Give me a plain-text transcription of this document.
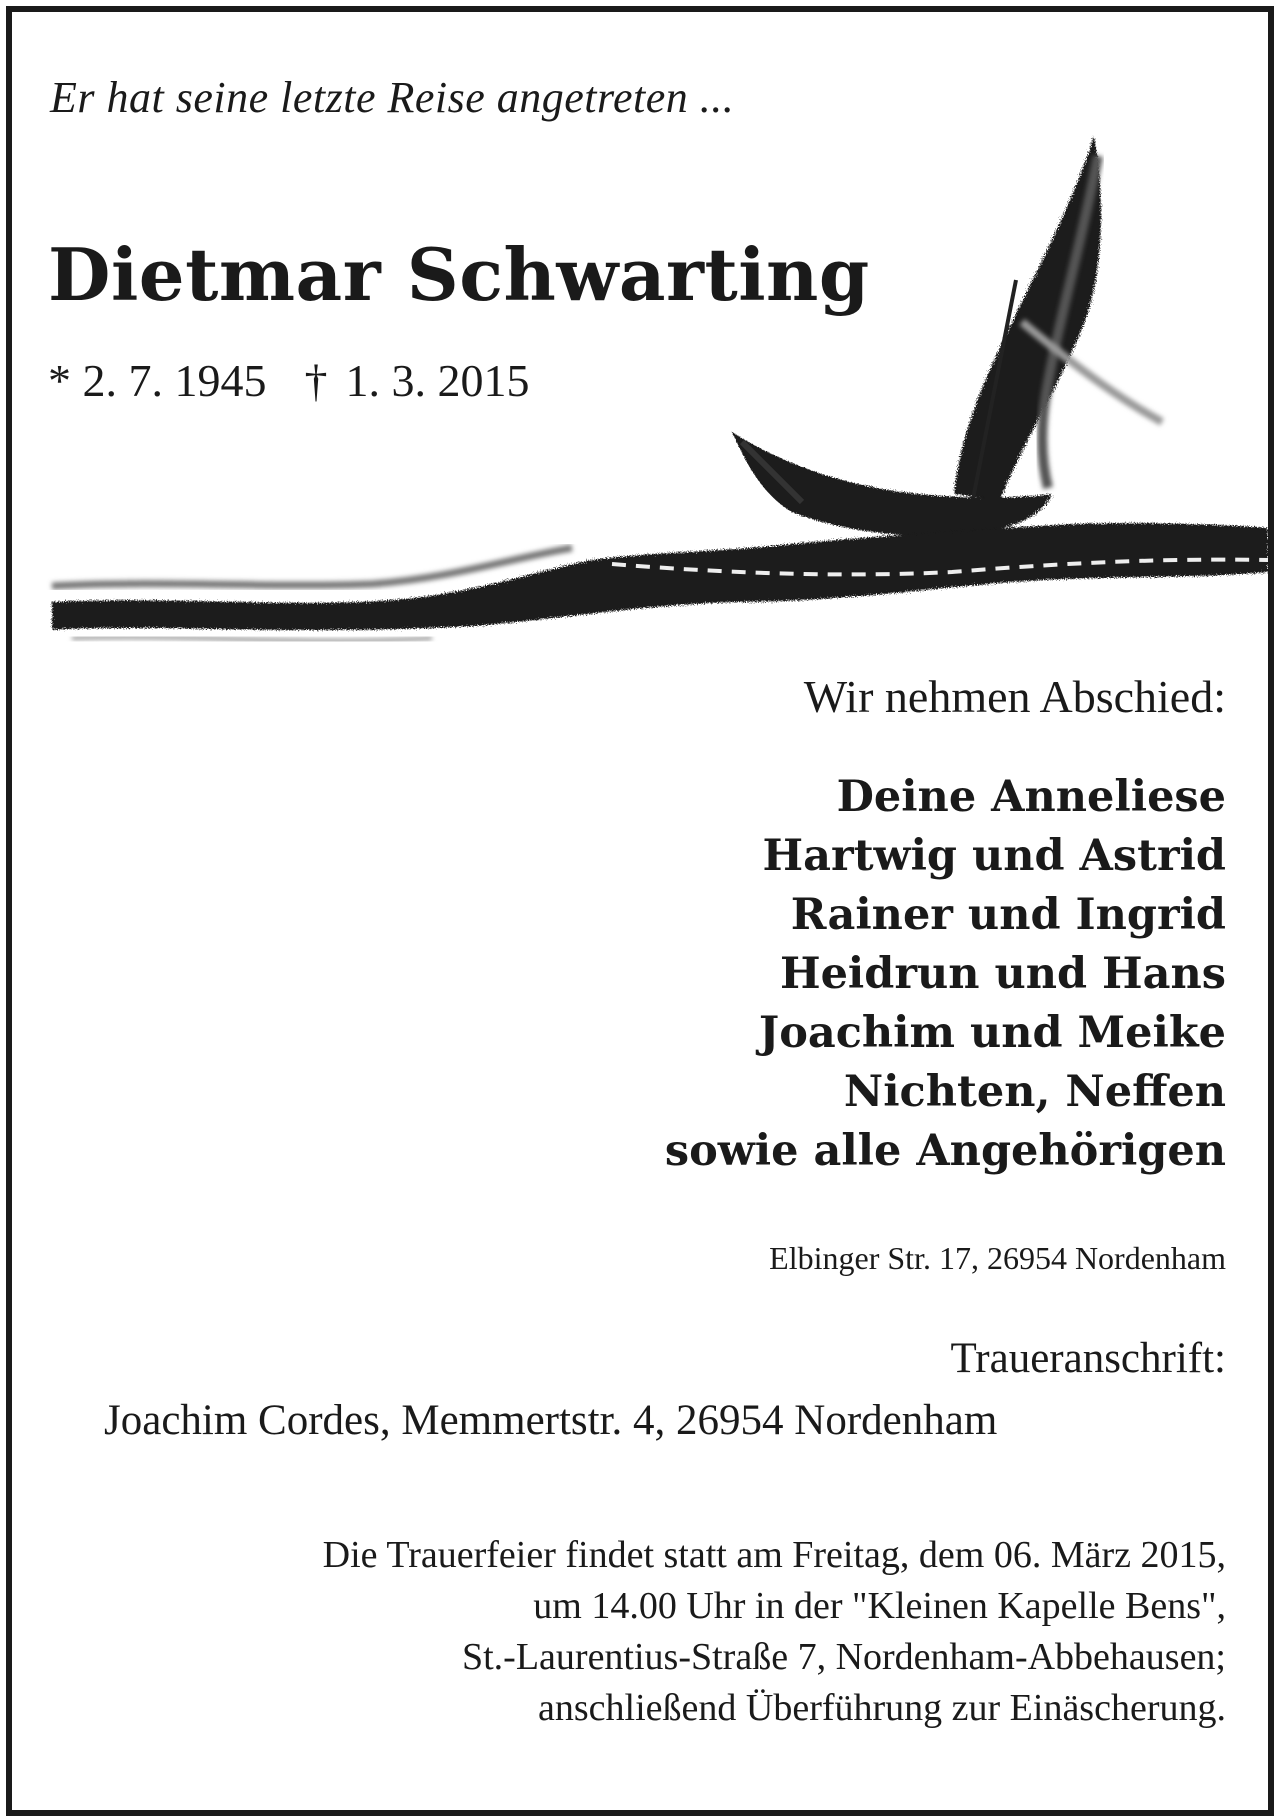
Er hat seine letzte Reise angetreten ...
Dietmar Schwarting
* 2. 7. 1945 † 1. 3. 2015
Wir nehmen Abschied:
Deine Anneliese
Hartwig und Astrid
Rainer und Ingrid
Heidrun und Hans
Joachim und Meike
Nichten, Neffen
sowie alle Angehörigen
Elbinger Str. 17, 26954 Nordenham
Traueranschrift:
Joachim Cordes, Memmertstr. 4, 26954 Nordenham
Die Trauerfeier findet statt am Freitag, dem 06. März 2015,
um 14.00 Uhr in der "Kleinen Kapelle Bens",
St.-Laurentius-Straße 7, Nordenham-Abbehausen;
anschließend Überführung zur Einäscherung.
